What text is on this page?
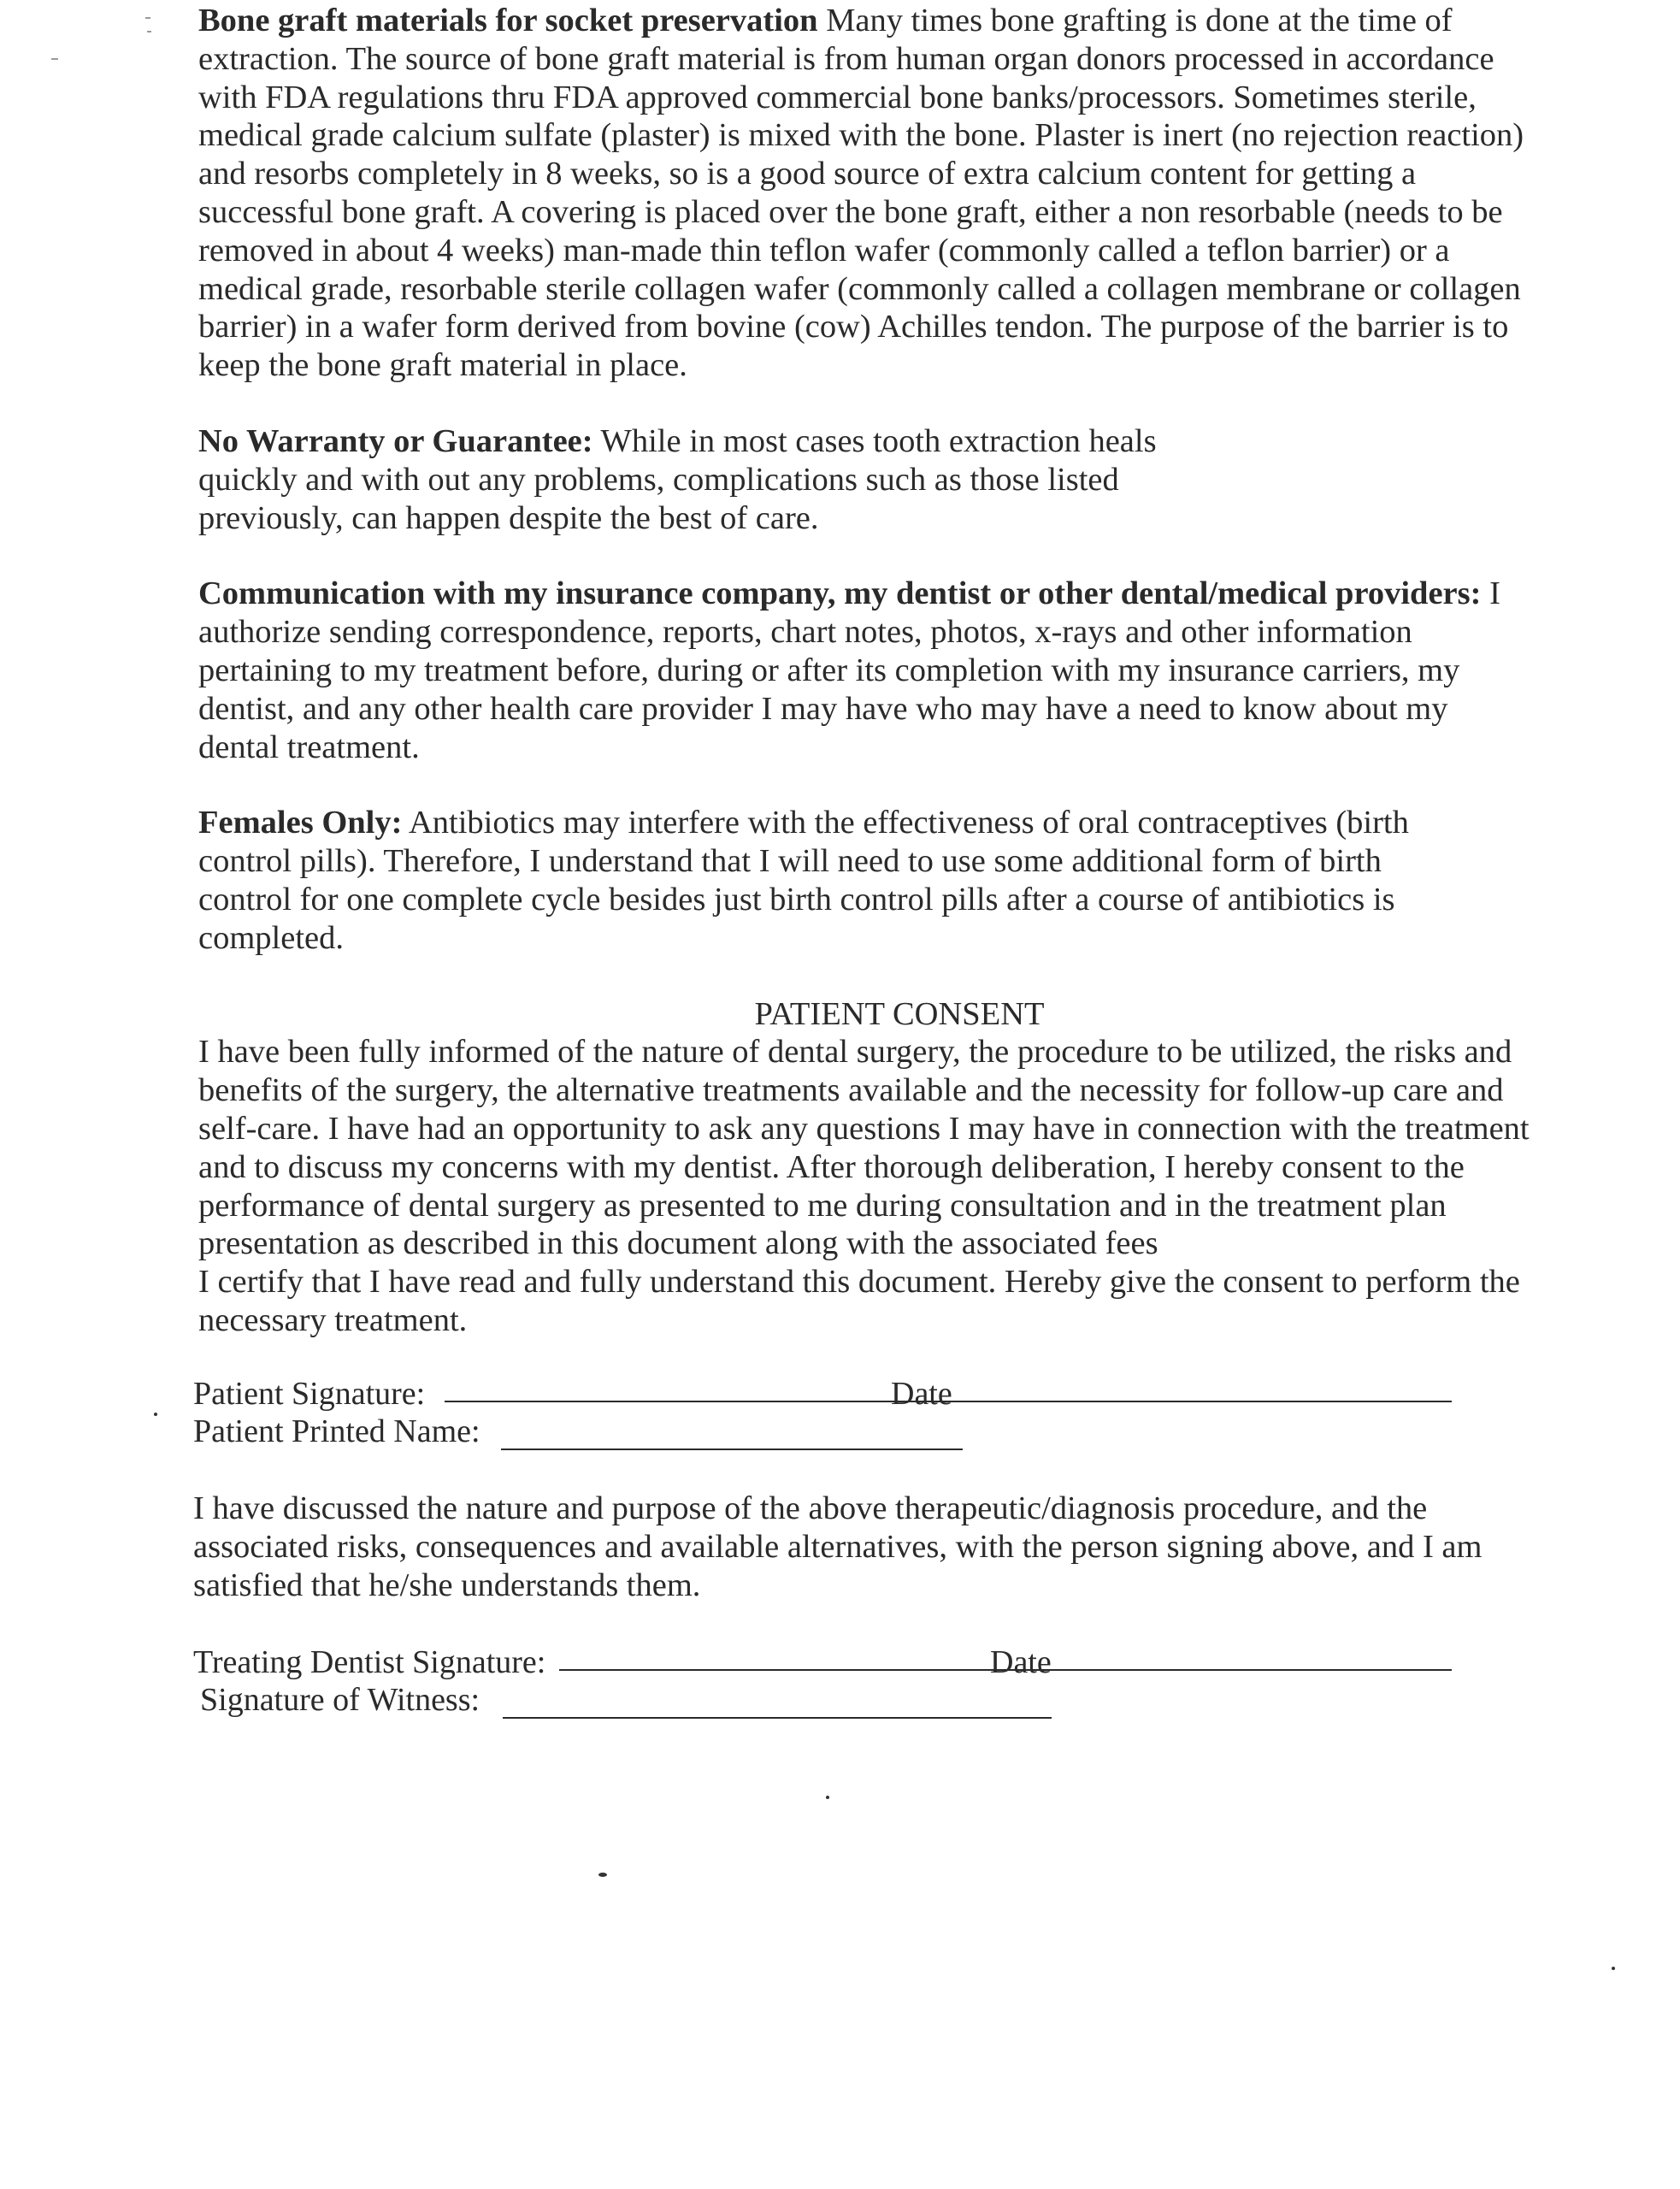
Bone graft materials for socket preservation Many times bone grafting is done at the time of extraction. The source of bone graft material is from human organ donors processed in accordance with FDA regulations thru FDA approved commercial bone banks/processors. Sometimes sterile, medical grade calcium sulfate (plaster) is mixed with the bone. Plaster is inert (no rejection reaction) and resorbs completely in 8 weeks, so is a good source of extra calcium content for getting a successful bone graft. A covering is placed over the bone graft, either a non resorbable (needs to be removed in about 4 weeks) man-made thin teflon wafer (commonly called a teflon barrier) or a medical grade, resorbable sterile collagen wafer (commonly called a collagen membrane or collagen barrier) in a wafer form derived from bovine (cow) Achilles tendon. The purpose of the barrier is to keep the bone graft material in place.

No Warranty or Guarantee: While in most cases tooth extraction heals quickly and with out any problems, complications such as those listed previously, can happen despite the best of care.

Communication with my insurance company, my dentist or other dental/medical providers: I authorize sending correspondence, reports, chart notes, photos, x-rays and other information pertaining to my treatment before, during or after its completion with my insurance carriers, my dentist, and any other health care provider I may have who may have a need to know about my dental treatment.

Females Only: Antibiotics may interfere with the effectiveness of oral contraceptives (birth control pills). Therefore, I understand that I will need to use some additional form of birth control for one complete cycle besides just birth control pills after a course of antibiotics is completed.

PATIENT CONSENT

I have been fully informed of the nature of dental surgery, the procedure to be utilized, the risks and benefits of the surgery, the alternative treatments available and the necessity for follow-up care and self-care. I have had an opportunity to ask any questions I may have in connection with the treatment and to discuss my concerns with my dentist. After thorough deliberation, I hereby consent to the performance of dental surgery as presented to me during consultation and in the treatment plan presentation as described in this document along with the associated fees
I certify that I have read and fully understand this document. Hereby give the consent to perform the necessary treatment.

Patient Signature:	Date
Patient Printed Name:

I have discussed the nature and purpose of the above therapeutic/diagnosis procedure, and the associated risks, consequences and available alternatives, with the person signing above, and I am satisfied that he/she understands them.

Treating Dentist Signature:	Date
Signature of Witness:
